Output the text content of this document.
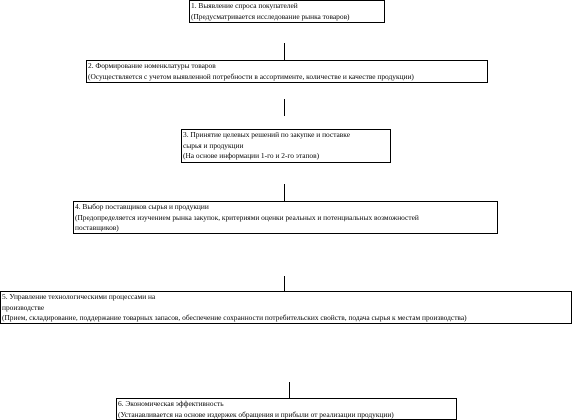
1. Выявление спроса покупателей
(Предусматривается исследование рынка товаров)
2. Формирование номенклатуры товаров
(Осуществляется с учетом выявленной потребности в ассортименте, количестве и качестве продукции)
3. Принятие целевых решений по закупке и поставке
сырья и продукции
(На основе информации 1-го и 2-го этапов)
4. Выбор поставщиков сырья и продукции
(Предопределяется изучением рынка закупок, критериями оценки реальных и потенциальных возможностей
поставщиков)
5. Управление технологическими процессами на
производстве
(Прием, складирование, поддержание товарных запасов, обеспечение сохранности потребительских свойств, подача сырья к местам производства)
6. Экономическая эффективность
(Устанавливается на основе издержек обращения и прибыли от реализации продукции)
